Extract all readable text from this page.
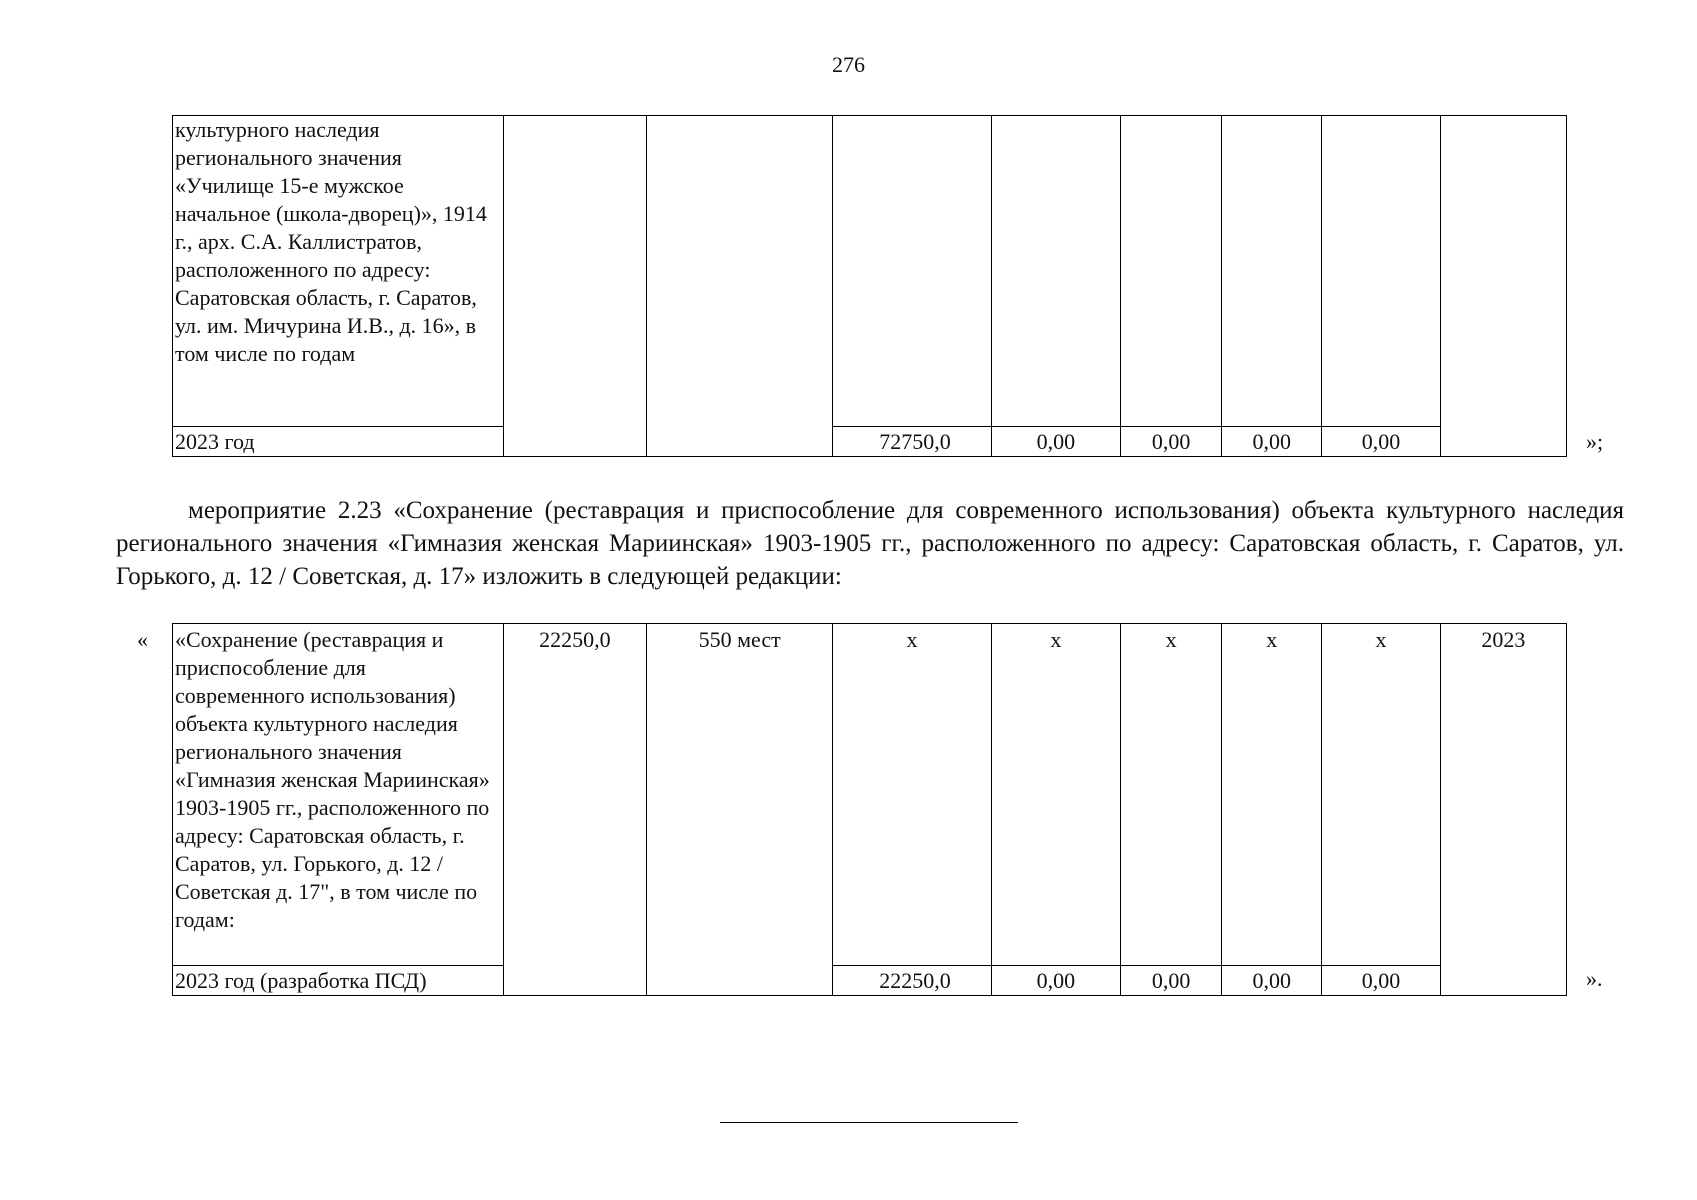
276
культурного наследия регионального значения «Училище 15-е мужское начальное (школа-дворец)», 1914 г., арх. С.А. Каллистратов, расположенного по адресу: Саратовская область, г. Саратов, ул. им. Мичурина И.В., д. 16», в том числе по годам								
2023 год			72750,0	0,00	0,00	0,00	0,00		»;

мероприятие 2.23 «Сохранение (реставрация и приспособление для современного использования) объекта культурного наследия регионального значения «Гимназия женская Мариинская» 1903-1905 гг., расположенного по адресу: Саратовская область, г. Саратов, ул. Горького, д. 12 / Советская, д. 17» изложить в следующей редакции:

« «Сохранение (реставрация и приспособление для современного использования) объекта культурного наследия регионального значения «Гимназия женская Мариинская» 1903-1905 гг., расположенного по адресу: Саратовская область, г. Саратов, ул. Горького, д. 12 / Советская д. 17", в том числе по годам:	22250,0	550 мест	х	х	х	х	х	2023
2023 год (разработка ПСД)			22250,0	0,00	0,00	0,00	0,00		».
